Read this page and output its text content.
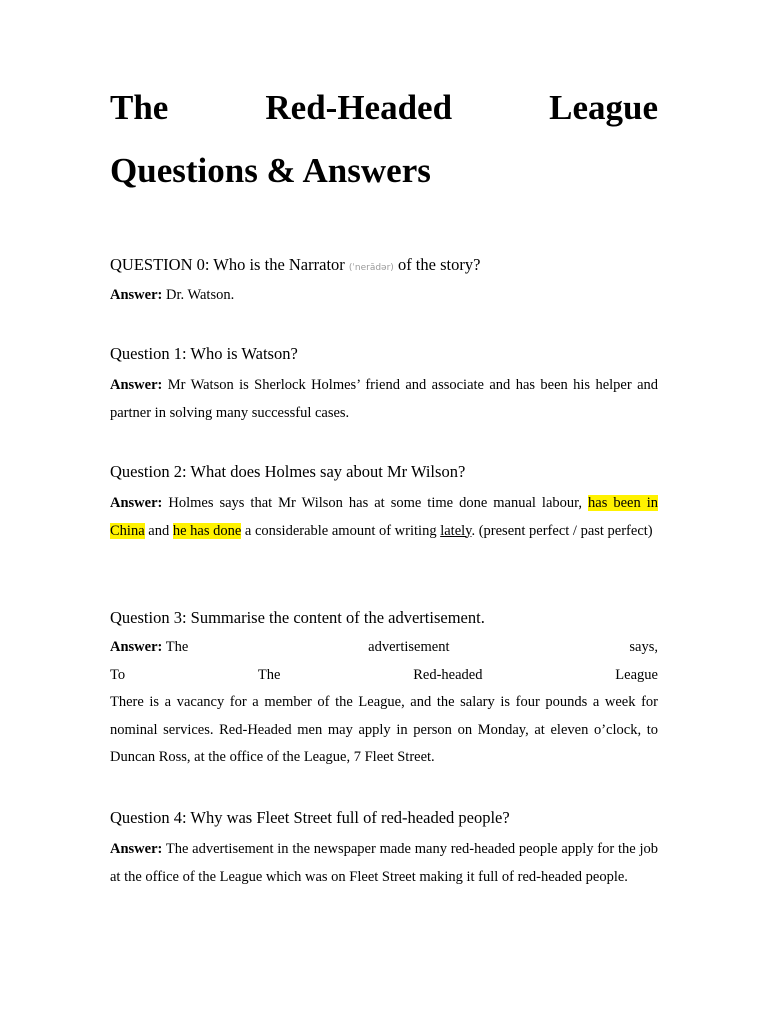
The	Red-Headed	League
Questions & Answers
QUESTION 0: Who is the Narrator (ˈnerādər) of the story?
Answer: Dr. Watson.
Question 1: Who is Watson?
Answer: Mr Watson is Sherlock Holmes’ friend and associate and has been his helper and partner in solving many successful cases.
Question 2: What does Holmes say about Mr Wilson?
Answer: Holmes says that Mr Wilson has at some time done manual labour, has been in China and he has done a considerable amount of writing lately. (present perfect / past perfect)
Question 3: Summarise the content of the advertisement.
Answer: The	advertisement	says,
To	The	Red-headed	League
There is a vacancy for a member of the League, and the salary is four pounds a week for nominal services. Red-Headed men may apply in person on Monday, at eleven o’clock, to Duncan Ross, at the office of the League, 7 Fleet Street.
Question 4: Why was Fleet Street full of red-headed people?
Answer: The advertisement in the newspaper made many red-headed people apply for the job at the office of the League which was on Fleet Street making it full of red-headed people.
